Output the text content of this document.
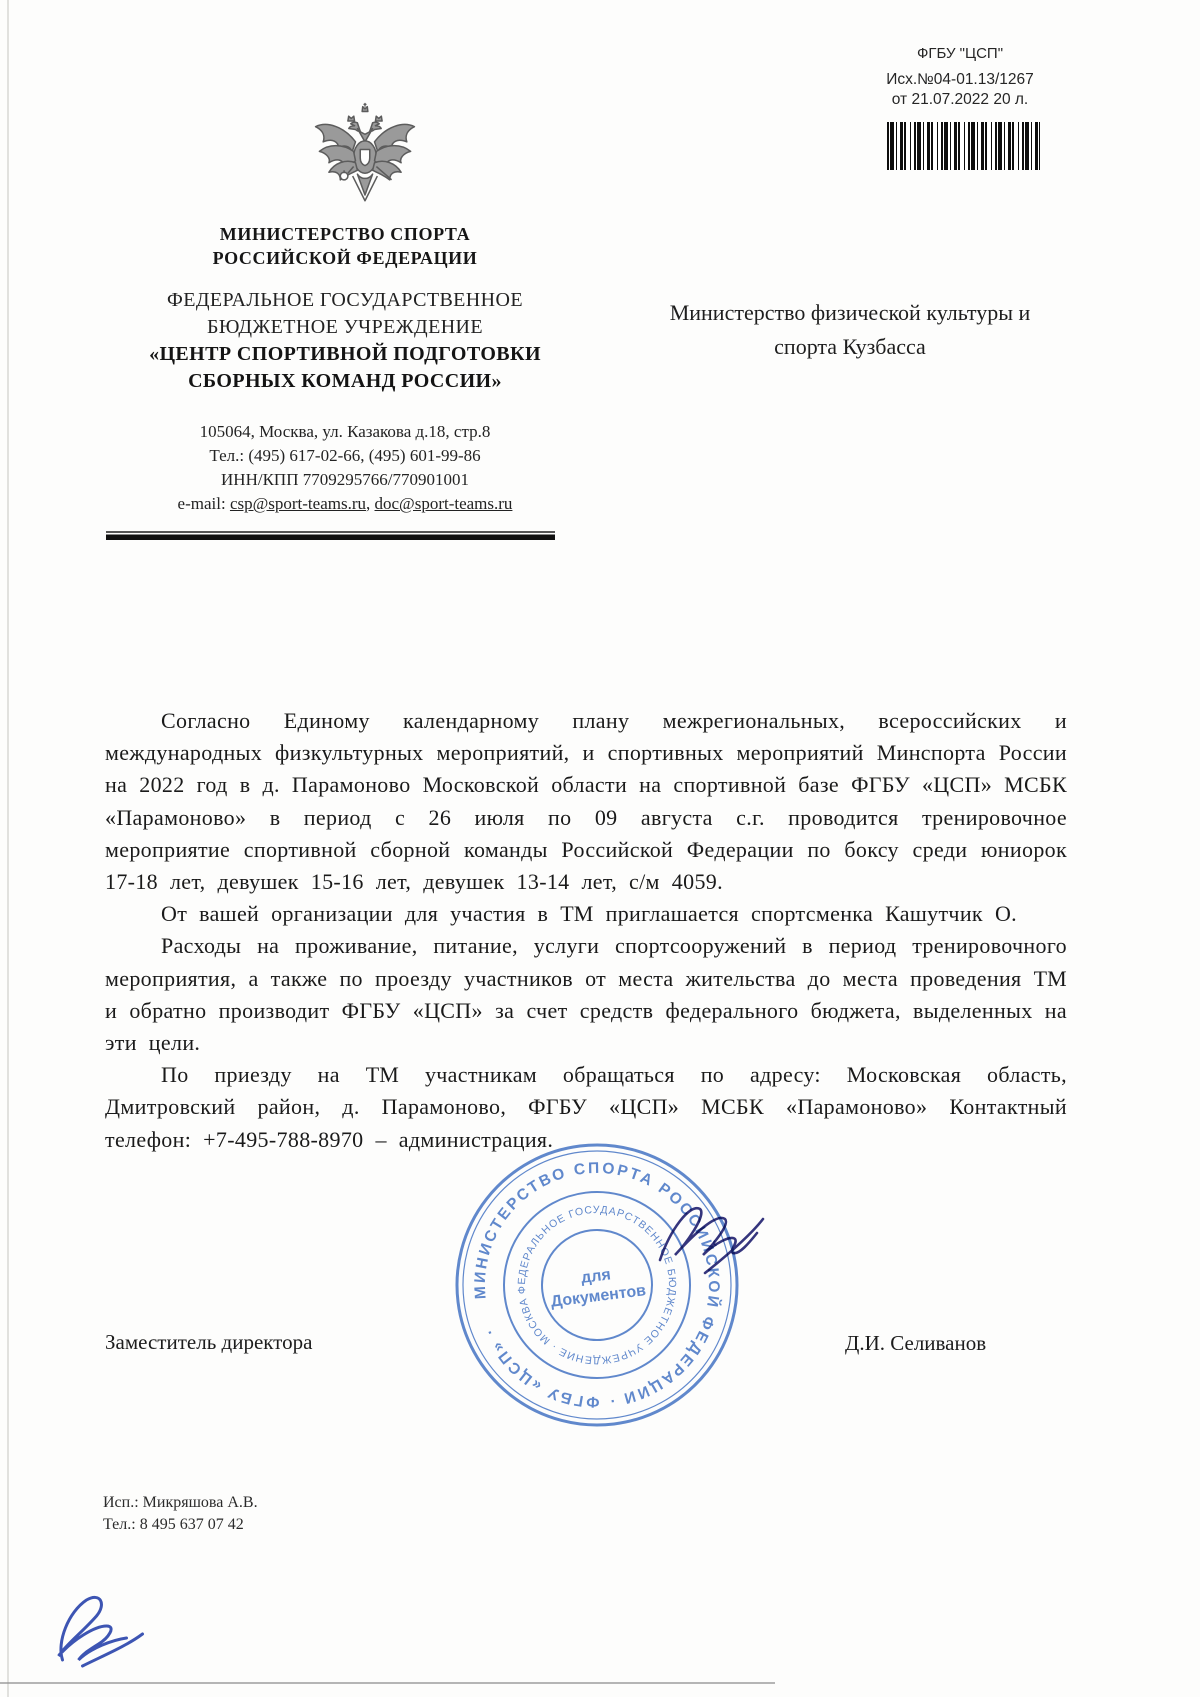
ФГБУ "ЦСП"
Исх.№04-01.13/1267
от 21.07.2022 20 л.
МИНИСТЕРСТВО СПОРТА
РОССИЙСКОЙ ФЕДЕРАЦИИ
ФЕДЕРАЛЬНОЕ ГОСУДАРСТВЕННОЕ
БЮДЖЕТНОЕ УЧРЕЖДЕНИЕ
«ЦЕНТР СПОРТИВНОЙ ПОДГОТОВКИ
СБОРНЫХ КОМАНД РОССИИ»
105064, Москва, ул. Казакова д.18, стр.8
Тел.: (495) 617-02-66, (495) 601-99-86
ИНН/КПП 7709295766/770901001
e-mail: csp@sport-teams.ru, doc@sport-teams.ru
Министерство физической культуры и
спорта Кузбасса

Согласно Единому календарному плану межрегиональных, всероссийских и международных физкультурных мероприятий, и спортивных мероприятий Минспорта России на 2022 год в д. Парамоново Московской области на спортивной базе ФГБУ «ЦСП» МСБК «Парамоново» в период с 26 июля по 09 августа с.г. проводится тренировочное мероприятие спортивной сборной команды Российской Федерации по боксу среди юниорок 17-18 лет, девушек 15-16 лет, девушек 13-14 лет, с/м 4059.

От вашей организации для участия в ТМ приглашается спортсменка Кашутчик О.

Расходы на проживание, питание, услуги спортсооружений в период тренировочного мероприятия, а также по проезду участников от места жительства до места проведения ТМ и обратно производит ФГБУ «ЦСП» за счет средств федерального бюджета, выделенных на эти цели.

По приезду на ТМ участникам обращаться по адресу: Московская область, Дмитровский район, д. Парамоново, ФГБУ «ЦСП» МСБК «Парамоново» Контактный телефон: +7-495-788-8970 – администрация.

Заместитель директора	Д.И. Селиванов
МИНИСТЕРСТВО СПОРТА РОССИЙСКОЙ ФЕДЕРАЦИИ · ФГБУ «ЦСП» ·
ФЕДЕРАЛЬНОЕ ГОСУДАРСТВЕННОЕ БЮДЖЕТНОЕ УЧРЕЖДЕНИЕ · МОСКВА
для
Документов
Исп.: Микряшова А.В.
Тел.: 8 495 637 07 42
